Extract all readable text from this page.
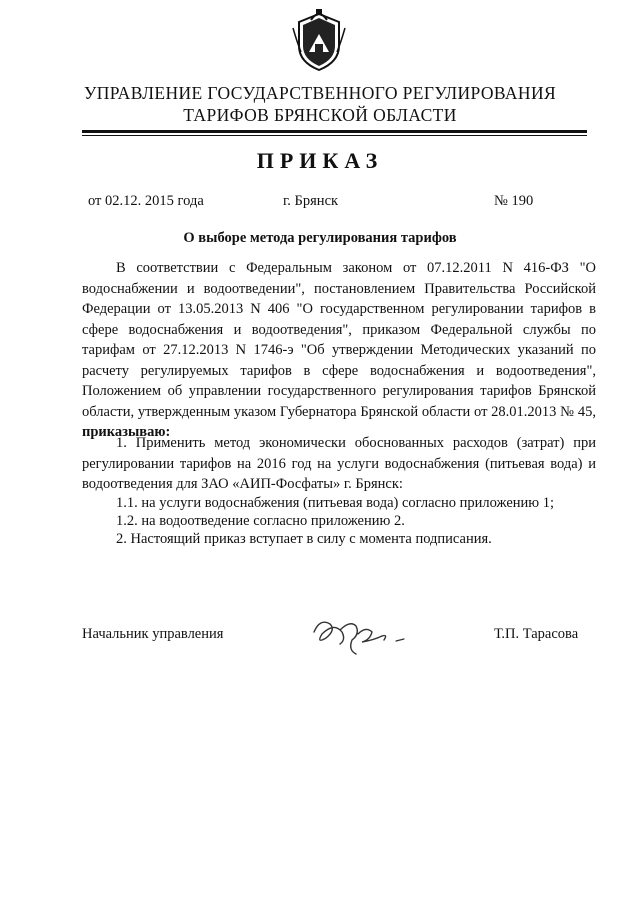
УПРАВЛЕНИЕ ГОСУДАРСТВЕННОГО РЕГУЛИРОВАНИЯ
ТАРИФОВ БРЯНСКОЙ ОБЛАСТИ
ПРИКАЗ
от 02.12. 2015 года	г. Брянск	№ 190
О выборе метода регулирования тарифов

В соответствии с Федеральным законом от 07.12.2011 N 416-ФЗ "О водоснабжении и водоотведении", постановлением Правительства Российской Федерации от 13.05.2013 N 406 "О государственном регулировании тарифов в сфере водоснабжения и водоотведения", приказом Федеральной службы по тарифам от 27.12.2013 N 1746-э "Об утверждении Методических указаний по расчету регулируемых тарифов в сфере водоснабжения и водоотведения", Положением об управлении государственного регулирования тарифов Брянской области, утвержденным указом Губернатора Брянской области от 28.01.2013 № 45, приказываю:

1. Применить метод экономически обоснованных расходов (затрат) при регулировании тарифов на 2016 год на услуги водоснабжения (питьевая вода) и водоотведения для ЗАО «АИП-Фосфаты» г. Брянск:

1.1. на услуги водоснабжения (питьевая вода) согласно приложению 1;
1.2. на водоотведение согласно приложению 2.
2. Настоящий приказ вступает в силу с момента подписания.
Начальник управления	Т.П. Тарасова
